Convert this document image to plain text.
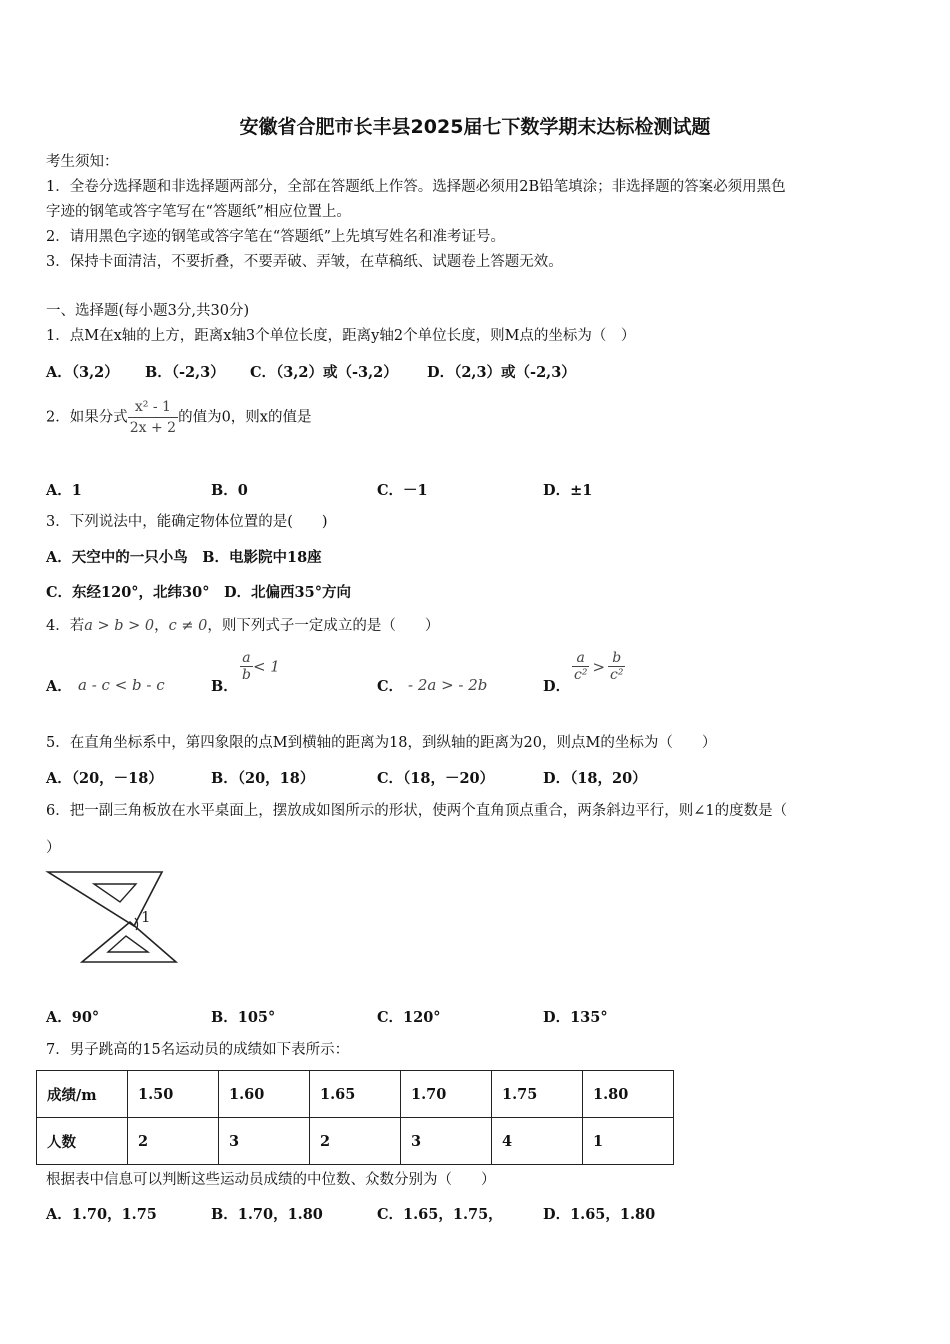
安徽省合肥市长丰县2025届七下数学期末达标检测试题
考生须知：
1．全卷分选择题和非选择题两部分，全部在答题纸上作答。选择题必须用2B铅笔填涂；非选择题的答案必须用黑色
字迹的钢笔或答字笔写在“答题纸”相应位置上。
2．请用黑色字迹的钢笔或答字笔在“答题纸”上先填写姓名和准考证号。
3．保持卡面清洁，不要折叠，不要弄破、弄皱，在草稿纸、试题卷上答题无效。
一、选择题(每小题3分,共30分)
1．点M在x轴的上方，距离x轴3个单位长度，距离y轴2个单位长度，则M点的坐标为（　）
A．（3,2） B．（-2,3） C．（3,2）或（-3,2） D．（2,3）或（-2,3）
2．如果分式 $\frac{\text{x² - 1}}{2x + 2}$ 的值为0，则x的值是
A．1	B．0	C．－1	D．±1
3．下列说法中，能确定物体位置的是(　　)
A．天空中的一只小鸟　B．电影院中18座
C．东经120°，北纬30°　D．北偏西35°方向
4．若a > b > 0，c ≠ 0，则下列式子一定成立的是（　　）
A． a - c < b - c	B．
$\frac{a}{b} < 1$
C． - 2a > - 2b	D．
$\frac{a}{\text{c²}} > \frac{b}{\text{c²}}$
5．在直角坐标系中，第四象限的点M到横轴的距离为18，到纵轴的距离为20，则点M的坐标为（　　）
A．（20，－18）	B．（20，18）	C．（18，－20）	D．（18，20）
6．把一副三角板放在水平桌面上，摆放成如图所示的形状，使两个直角顶点重合，两条斜边平行，则∠1的度数是（
）
1
A．90°	B．105°	C．120°	D．135°
7．男子跳高的15名运动员的成绩如下表所示：
成绩/m	1.50	1.60	1.65	1.70	1.75	1.80
人数	2	3	2	3	4	1
根据表中信息可以判断这些运动员成绩的中位数、众数分别为（　　）
A．1.70，1.75	B．1.70，1.80	C．1.65，1.75，	D．1.65，1.80
